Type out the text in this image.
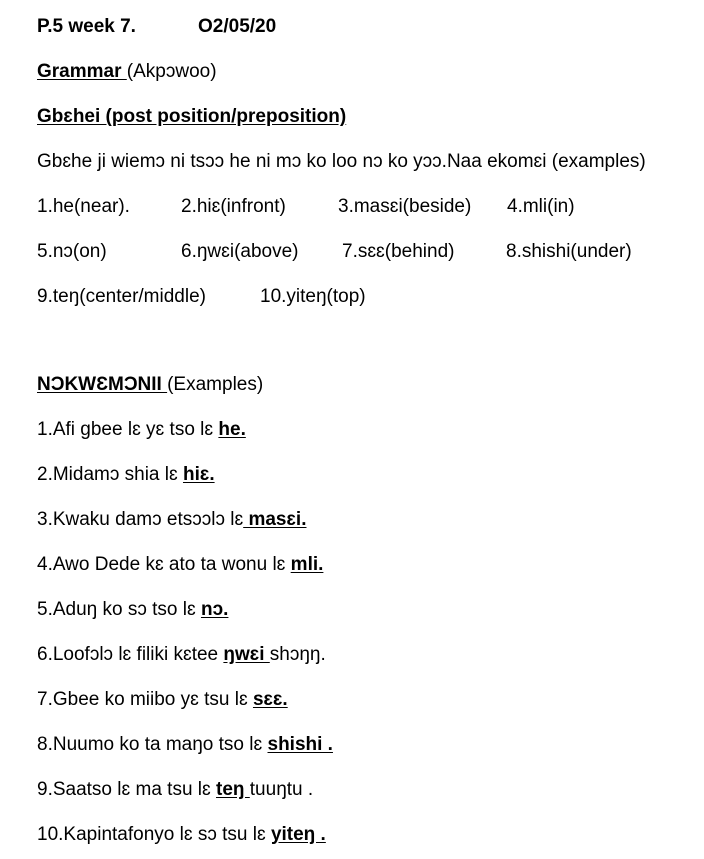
P.5 week 7.	O2/05/20
Grammar (Akpɔwoo)
Gbɛhei (post position/preposition)
Gbɛhe ji wiemɔ ni tsɔɔ he ni mɔ ko loo nɔ ko yɔɔ.Naa ekomɛi (examples)
1.he(near).	2.hiɛ(infront)	3.masɛi(beside) 4.mli(in)
5.nɔ(on)	6.ŋwɛi(above) 7.sɛɛ(behind)	8.shishi(under)
9.teŋ(center/middle)	10.yiteŋ(top)
NƆKWƐMƆNII (Examples)
1.Afi gbee lɛ yɛ tso lɛ he.
2.Midamɔ shia lɛ hiɛ.
3.Kwaku damɔ etsɔɔlɔ lɛ masɛi.
4.Awo Dede kɛ ato ta wonu lɛ mli.
5.Aduŋ ko sɔ tso lɛ nɔ.
6.Loofɔlɔ lɛ filiki kɛtee ŋwɛi shɔŋŋ.
7.Gbee ko miibo yɛ tsu lɛ sɛɛ.
8.Nuumo ko ta maŋo tso lɛ shishi .
9.Saatso lɛ ma tsu lɛ teŋ tuuŋtu .
10.Kapintafonyo lɛ sɔ tsu lɛ yiteŋ .
